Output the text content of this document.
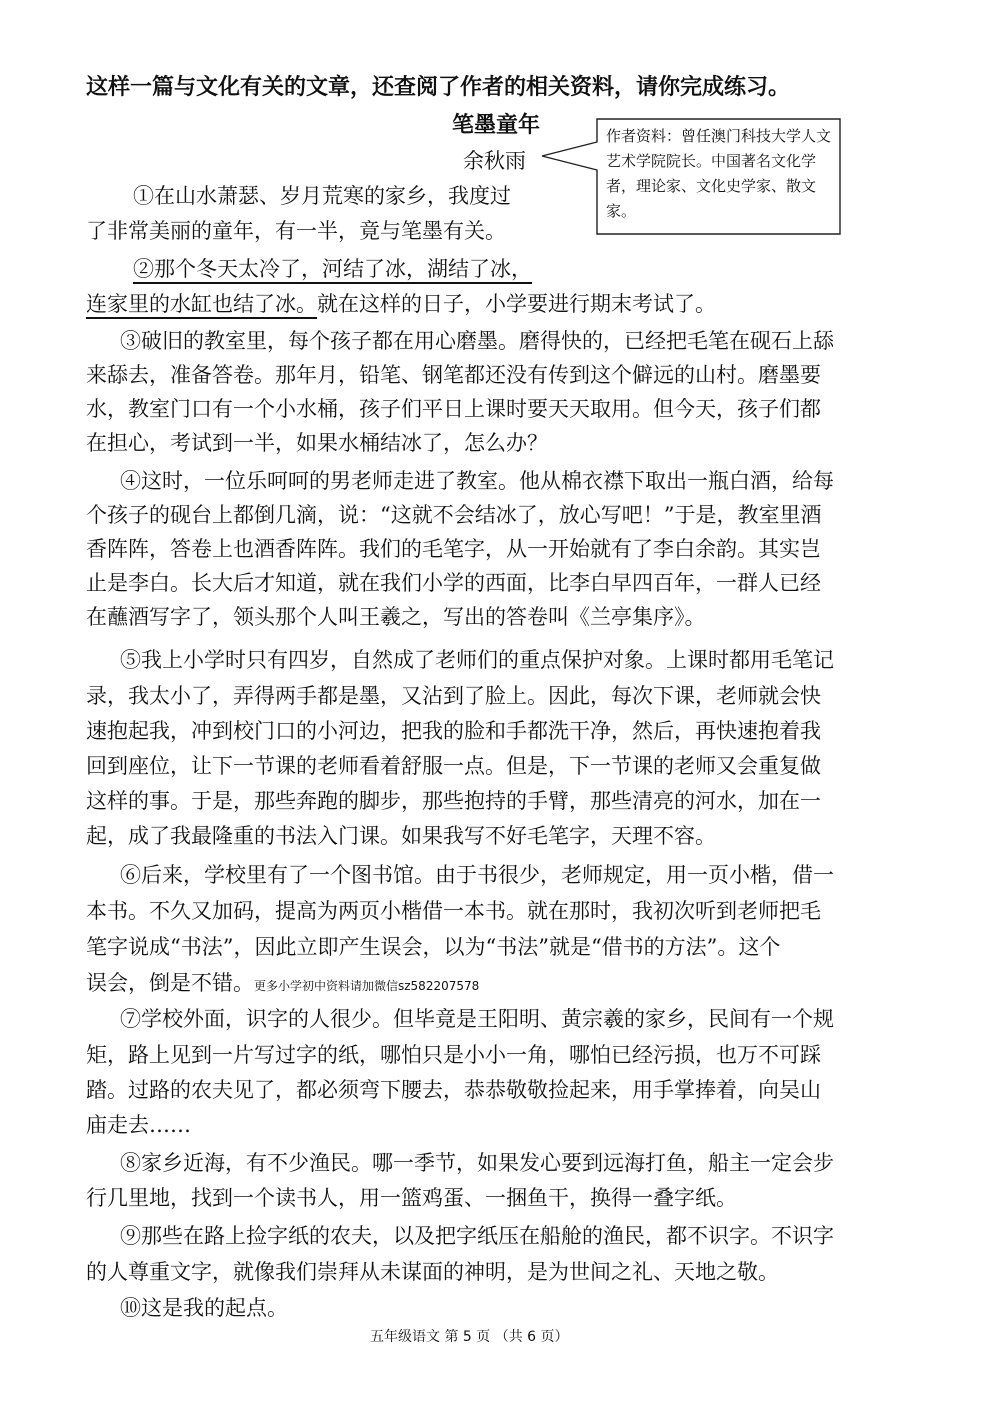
这样一篇与文化有关的文章，还查阅了作者的相关资料，请你完成练习。
笔墨童年
余秋雨
作者资料：曾任澳门科技大学人文艺术学院院长。中国著名文化学者，理论家、文化史学家、散文家。
①在山水萧瑟、岁月荒寒的家乡，我度过
了非常美丽的童年，有一半，竟与笔墨有关。
②那个冬天太冷了，河结了冰，湖结了冰，
连家里的水缸也结了冰。就在这样的日子，小学要进行期末考试了。
③破旧的教室里，每个孩子都在用心磨墨。磨得快的，已经把毛笔在砚石上舔
来舔去，准备答卷。那年月，铅笔、钢笔都还没有传到这个僻远的山村。磨墨要
水，教室门口有一个小水桶，孩子们平日上课时要天天取用。但今天，孩子们都
在担心，考试到一半，如果水桶结冰了，怎么办？
④这时，一位乐呵呵的男老师走进了教室。他从棉衣襟下取出一瓶白酒，给每
个孩子的砚台上都倒几滴，说：“这就不会结冰了，放心写吧！”于是，教室里酒
香阵阵，答卷上也酒香阵阵。我们的毛笔字，从一开始就有了李白余韵。其实岂
止是李白。长大后才知道，就在我们小学的西面，比李白早四百年，一群人已经
在蘸酒写字了，领头那个人叫王羲之，写出的答卷叫《兰亭集序》。
⑤我上小学时只有四岁，自然成了老师们的重点保护对象。上课时都用毛笔记
录，我太小了，弄得两手都是墨，又沾到了脸上。因此，每次下课，老师就会快
速抱起我，冲到校门口的小河边，把我的脸和手都洗干净，然后，再快速抱着我
回到座位，让下一节课的老师看着舒服一点。但是，下一节课的老师又会重复做
这样的事。于是，那些奔跑的脚步，那些抱持的手臂，那些清亮的河水，加在一
起，成了我最隆重的书法入门课。如果我写不好毛笔字，天理不容。
⑥后来，学校里有了一个图书馆。由于书很少，老师规定，用一页小楷，借一
本书。不久又加码，提高为两页小楷借一本书。就在那时，我初次听到老师把毛
笔字说成“书法”，因此立即产生误会，以为“书法”就是“借书的方法”。这个
误会，倒是不错。更多小学初中资料请加微信sz582207578
⑦学校外面，识字的人很少。但毕竟是王阳明、黄宗羲的家乡，民间有一个规
矩，路上见到一片写过字的纸，哪怕只是小小一角，哪怕已经污损，也万不可踩
踏。过路的农夫见了，都必须弯下腰去，恭恭敬敬捡起来，用手掌捧着，向吴山
庙走去……
⑧家乡近海，有不少渔民。哪一季节，如果发心要到远海打鱼，船主一定会步
行几里地，找到一个读书人，用一篮鸡蛋、一捆鱼干，换得一叠字纸。
⑨那些在路上捡字纸的农夫，以及把字纸压在船舱的渔民，都不识字。不识字
的人尊重文字，就像我们崇拜从未谋面的神明，是为世间之礼、天地之敬。
⑩这是我的起点。
五年级语文 第 5 页 （共 6 页）
